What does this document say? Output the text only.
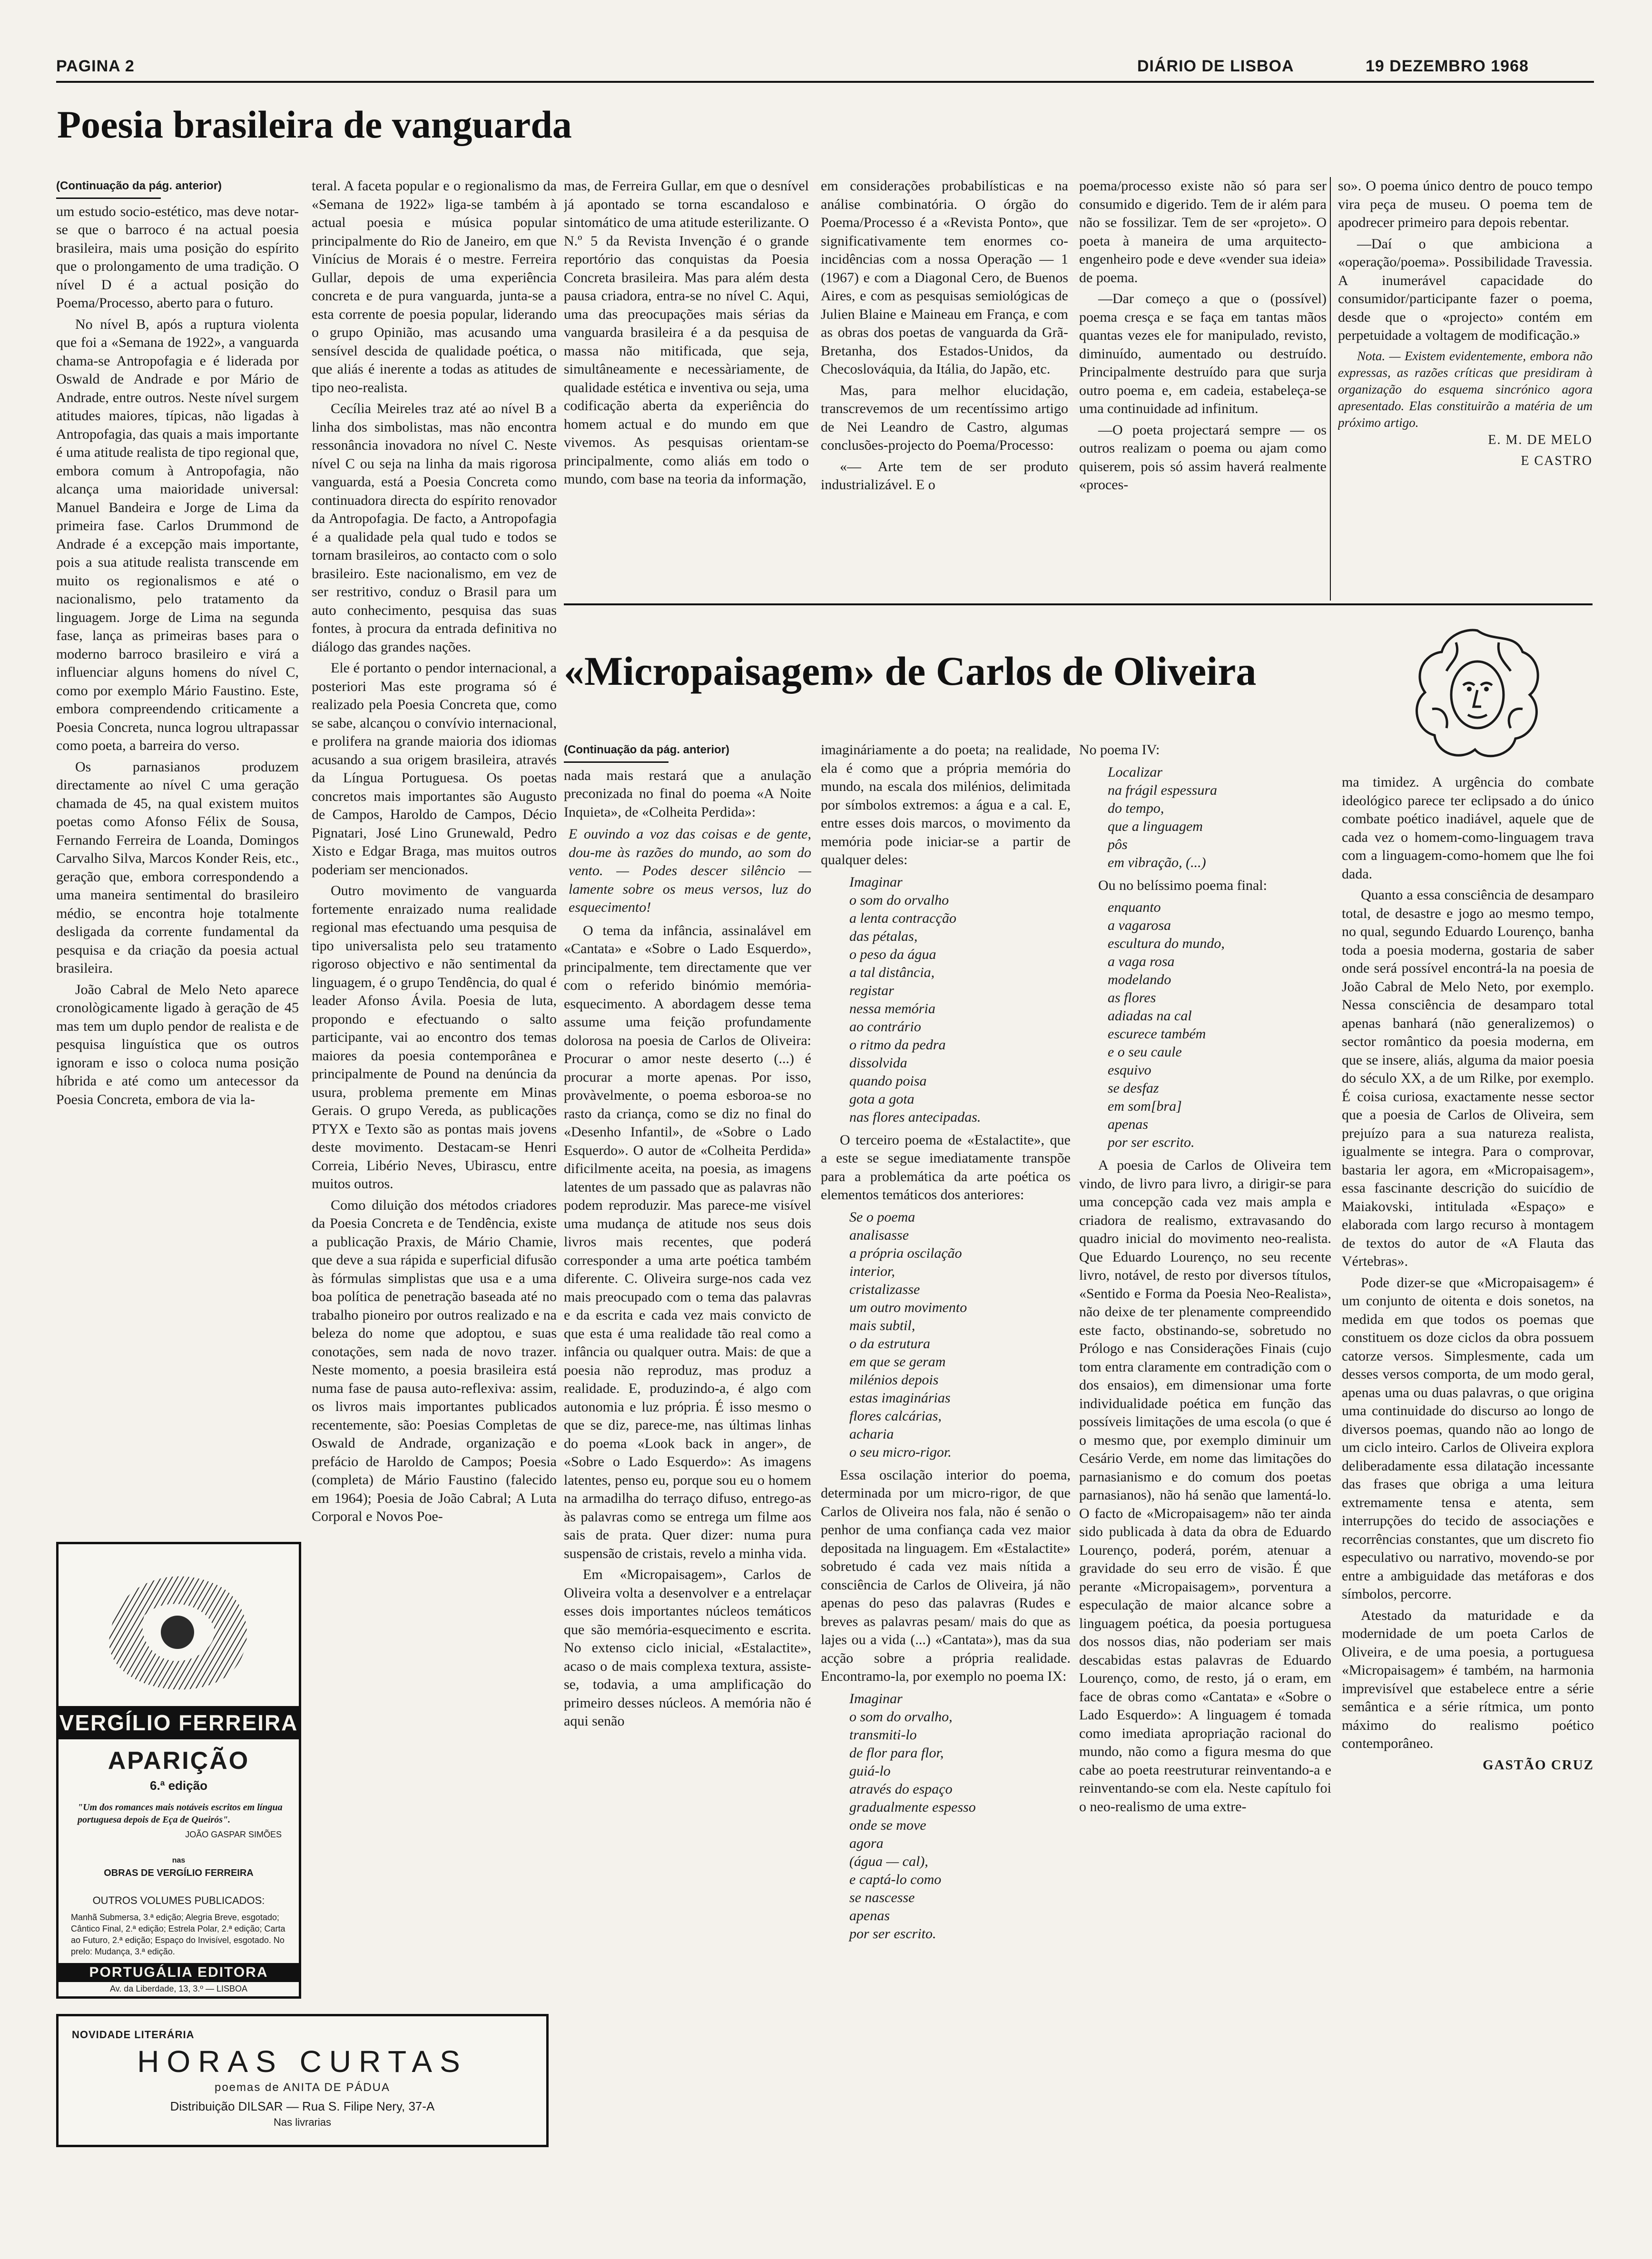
PAGINA 2	DIÁRIO DE LISBOA	19 DEZEMBRO 1968
Poesia brasileira de vanguarda
(Continuação da pág. anterior)

um estudo socio-estético, mas deve notar-se que o barroco é na actual poesia brasileira, mais uma posição do espírito que o prolongamento de uma tradição. O nível D é a actual posição do Poema/Processo, aberto para o futuro.

No nível B, após a ruptura violenta que foi a «Semana de 1922», a vanguarda chama-se Antropofagia e é liderada por Oswald de Andrade e por Mário de Andrade, entre outros. Neste nível surgem atitudes maiores, típicas, não ligadas à Antropofagia, das quais a mais importante é uma atitude realista de tipo regional que, embora comum à Antropofagia, não alcança uma maioridade universal: Manuel Bandeira e Jorge de Lima da primeira fase. Carlos Drummond de Andrade é a excepção mais importante, pois a sua atitude realista transcende em muito os regionalismos e até o nacionalismo, pelo tratamento da linguagem. Jorge de Lima na segunda fase, lança as primeiras bases para o moderno barroco brasileiro e virá a influenciar alguns homens do nível C, como por exemplo Mário Faustino. Este, embora compreendendo criticamente a Poesia Concreta, nunca logrou ultrapassar como poeta, a barreira do verso.

Os parnasianos produzem directamente ao nível C uma geração chamada de 45, na qual existem muitos poetas como Afonso Félix de Sousa, Fernando Ferreira de Loanda, Domingos Carvalho Silva, Marcos Konder Reis, etc., geração que, embora correspondendo a uma maneira sentimental do brasileiro médio, se encontra hoje totalmente desligada da corrente fundamental da pesquisa e da criação da poesia actual brasileira.

João Cabral de Melo Neto aparece cronològicamente ligado à geração de 45 mas tem um duplo pendor de realista e de pesquisa linguística que os outros ignoram e isso o coloca numa posição híbrida e até como um antecessor da Poesia Concreta, embora de via la-

teral. A faceta popular e o regionalismo da «Semana de 1922» liga-se também à actual poesia e música popular principalmente do Rio de Janeiro, em que Vinícius de Morais é o mestre. Ferreira Gullar, depois de uma experiência concreta e de pura vanguarda, junta-se a esta corrente de poesia popular, liderando o grupo Opinião, mas acusando uma sensível descida de qualidade poética, o que aliás é inerente a todas as atitudes de tipo neo-realista.

Cecília Meireles traz até ao nível B a linha dos simbolistas, mas não encontra ressonância inovadora no nível C. Neste nível C ou seja na linha da mais rigorosa vanguarda, está a Poesia Concreta como continuadora directa do espírito renovador da Antropofagia. De facto, a Antropofagia é a qualidade pela qual tudo e todos se tornam brasileiros, ao contacto com o solo brasileiro. Este nacionalismo, em vez de ser restritivo, conduz o Brasil para um auto conhecimento, pesquisa das suas fontes, à procura da entrada definitiva no diálogo das grandes nações.

Ele é portanto o pendor internacional, a posteriori Mas este programa só é realizado pela Poesia Concreta que, como se sabe, alcançou o convívio internacional, e prolifera na grande maioria dos idiomas acusando a sua origem brasileira, através da Língua Portuguesa. Os poetas concretos mais importantes são Augusto de Campos, Haroldo de Campos, Décio Pignatari, José Lino Grunewald, Pedro Xisto e Edgar Braga, mas muitos outros poderiam ser mencionados.

Outro movimento de vanguarda fortemente enraizado numa realidade regional mas efectuando uma pesquisa de tipo universalista pelo seu tratamento rigoroso objectivo e não sentimental da linguagem, é o grupo Tendência, do qual é leader Afonso Ávila. Poesia de luta, propondo e efectuando o salto participante, vai ao encontro dos temas maiores da poesia contemporânea e principalmente de Pound na denúncia da usura, problema premente em Minas Gerais. O grupo Vereda, as publicações PTYX e Texto são as pontas mais jovens deste movimento. Destacam-se Henri Correia, Libério Neves, Ubirascu, entre muitos outros.

Como diluição dos métodos criadores da Poesia Concreta e de Tendência, existe a publicação Praxis, de Mário Chamie, que deve a sua rápida e superficial difusão às fórmulas simplistas que usa e a uma boa política de penetração baseada até no trabalho pioneiro por outros realizado e na beleza do nome que adoptou, e suas conotações, sem nada de novo trazer. Neste momento, a poesia brasileira está numa fase de pausa auto-reflexiva: assim, os livros mais importantes publicados recentemente, são: Poesias Completas de Oswald de Andrade, organização e prefácio de Haroldo de Campos; Poesia (completa) de Mário Faustino (falecido em 1964); Poesia de João Cabral; A Luta Corporal e Novos Poe-

mas, de Ferreira Gullar, em que o desnível já apontado se torna escandaloso e sintomático de uma atitude esterilizante. O N.º 5 da Revista Invenção é o grande reportório das conquistas da Poesia Concreta brasileira. Mas para além desta pausa criadora, entra-se no nível C. Aqui, uma das preocupações mais sérias da vanguarda brasileira é a da pesquisa de massa não mitificada, que seja, simultâneamente e necessàriamente, de qualidade estética e inventiva ou seja, uma codificação aberta da experiência do homem actual e do mundo em que vivemos. As pesquisas orientam-se principalmente, como aliás em todo o mundo, com base na teoria da informação,

em considerações probabilísticas e na análise combinatória. O órgão do Poema/Processo é a «Revista Ponto», que significativamente tem enormes co-incidências com a nossa Operação — 1 (1967) e com a Diagonal Cero, de Buenos Aires, e com as pesquisas semiológicas de Julien Blaine e Maineau em França, e com as obras dos poetas de vanguarda da Grã-Bretanha, dos Estados-Unidos, da Checoslováquia, da Itália, do Japão, etc.

Mas, para melhor elucidação, transcrevemos de um recentíssimo artigo de Nei Leandro de Castro, algumas conclusões-projecto do Poema/Processo:

«— Arte tem de ser produto industrializável. E o

poema/processo existe não só para ser consumido e digerido. Tem de ir além para não se fossilizar. Tem de ser «projeto». O poeta à maneira de uma arquitecto-engenheiro pode e deve «vender sua ideia» de poema.

—Dar começo a que o (possível) poema cresça e se faça em tantas mãos quantas vezes ele for manipulado, revisto, diminuído, aumentado ou destruído. Principalmente destruído para que surja outro poema e, em cadeia, estabeleça-se uma continuidade ad infinitum.

—O poeta projectará sempre — os outros realizam o poema ou ajam como quiserem, pois só assim haverá realmente «proces-

so». O poema único dentro de pouco tempo vira peça de museu. O poema tem de apodrecer primeiro para depois rebentar.

—Daí o que ambiciona a «operação/poema». Possibilidade Travessia. A inumerável capacidade do consumidor/participante fazer o poema, desde que o «projecto» contém em perpetuidade a voltagem de modificação.»

Nota. — Existem evidentemente, embora não expressas, as razões críticas que presidiram à organização do esquema sincrónico agora apresentado. Elas constituirão a matéria de um próximo artigo.

E. M. DE MELO

E CASTRO

«Micropaisagem» de Carlos de Oliveira
(Continuação da pág. anterior)

nada mais restará que a anulação preconizada no final do poema «A Noite Inquieta», de «Colheita Perdida»:

E ouvindo a voz das coisas e de gente, dou-me às razões do mundo, ao som do vento. — Podes descer silêncio — lamente sobre os meus versos, luz do esquecimento!

O tema da infância, assinalável em «Cantata» e «Sobre o Lado Esquerdo», principalmente, tem directamente que ver com o referido binómio memória-esquecimento. A abordagem desse tema assume uma feição profundamente dolorosa na poesia de Carlos de Oliveira: Procurar o amor neste deserto (...) é procurar a morte apenas. Por isso, provàvelmente, o poema esboroa-se no rasto da criança, como se diz no final do «Desenho Infantil», de «Sobre o Lado Esquerdo». O autor de «Colheita Perdida» dificilmente aceita, na poesia, as imagens latentes de um passado que as palavras não podem reproduzir. Mas parece-me visível uma mudança de atitude nos seus dois livros mais recentes, que poderá corresponder a uma arte poética também diferente. C. Oliveira surge-nos cada vez mais preocupado com o tema das palavras e da escrita e cada vez mais convicto de que esta é uma realidade tão real como a infância ou qualquer outra. Mais: de que a poesia não reproduz, mas produz a realidade. E, produzindo-a, é algo com autonomia e luz própria. É isso mesmo o que se diz, parece-me, nas últimas linhas do poema «Look back in anger», de «Sobre o Lado Esquerdo»: As imagens latentes, penso eu, porque sou eu o homem na armadilha do terraço difuso, entrego-as às palavras como se entrega um filme aos sais de prata. Quer dizer: numa pura suspensão de cristais, revelo a minha vida.

Em «Micropaisagem», Carlos de Oliveira volta a desenvolver e a entrelaçar esses dois importantes núcleos temáticos que são memória-esquecimento e escrita. No extenso ciclo inicial, «Estalactite», acaso o de mais complexa textura, assiste-se, todavia, a uma amplificação do primeiro desses núcleos. A memória não é aqui senão

imagináriamente a do poeta; na realidade, ela é como que a própria memória do mundo, na escala dos milénios, delimitada por símbolos extremos: a água e a cal. E, entre esses dois marcos, o movimento da memória pode iniciar-se a partir de qualquer deles:

Imaginar
o som do orvalho
a lenta contracção
das pétalas,
o peso da água
a tal distância,
registar
nessa memória
ao contrário
o ritmo da pedra
dissolvida
quando poisa
gota a gota
nas flores antecipadas.

O terceiro poema de «Estalactite», que a este se segue imediatamente transpõe para a problemática da arte poética os elementos temáticos dos anteriores:

Se o poema
analisasse
a própria oscilação
interior,
cristalizasse
um outro movimento
mais subtil,
o da estrutura
em que se geram
milénios depois
estas imaginárias
flores calcárias,
acharia
o seu micro-rigor.

Essa oscilação interior do poema, determinada por um micro-rigor, de que Carlos de Oliveira nos fala, não é senão o penhor de uma confiança cada vez maior depositada na linguagem. Em «Estalactite» sobretudo é cada vez mais nítida a consciência de Carlos de Oliveira, já não apenas do peso das palavras (Rudes e breves as palavras pesam/ mais do que as lajes ou a vida (...) «Cantata»), mas da sua acção sobre a própria realidade. Encontramo-la, por exemplo no poema IX:

Imaginar
o som do orvalho,
transmiti-lo
de flor para flor,
guiá-lo
através do espaço
gradualmente espesso
onde se move
agora
(água — cal),
e captá-lo como
se nascesse
apenas
por ser escrito.

No poema IV:

Localizar
na frágil espessura
do tempo,
que a linguagem
pôs
em vibração, (...)

Ou no belíssimo poema final:

enquanto
a vagarosa
escultura do mundo,
a vaga rosa
modelando
as flores
adiadas na cal
escurece também
e o seu caule
esquivo
se desfaz
em som[bra]
apenas
por ser escrito.

A poesia de Carlos de Oliveira tem vindo, de livro para livro, a dirigir-se para uma concepção cada vez mais ampla e criadora de realismo, extravasando do quadro inicial do movimento neo-realista. Que Eduardo Lourenço, no seu recente livro, notável, de resto por diversos títulos, «Sentido e Forma da Poesia Neo-Realista», não deixe de ter plenamente compreendido este facto, obstinando-se, sobretudo no Prólogo e nas Considerações Finais (cujo tom entra claramente em contradição com o dos ensaios), em dimensionar uma forte individualidade poética em função das possíveis limitações de uma escola (o que é o mesmo que, por exemplo diminuir um Cesário Verde, em nome das limitações do parnasianismo e do comum dos poetas parnasianos), não há senão que lamentá-lo. O facto de «Micropaisagem» não ter ainda sido publicada à data da obra de Eduardo Lourenço, poderá, porém, atenuar a gravidade do seu erro de visão. É que perante «Micropaisagem», porventura a especulação de maior alcance sobre a linguagem poética, da poesia portuguesa dos nossos dias, não poderiam ser mais descabidas estas palavras de Eduardo Lourenço, como, de resto, já o eram, em face de obras como «Cantata» e «Sobre o Lado Esquerdo»: A linguagem é tomada como imediata apropriação racional do mundo, não como a figura mesma do que cabe ao poeta reestruturar reinventando-a e reinventando-se com ela. Neste capítulo foi o neo-realismo de uma extre-

ma timidez. A urgência do combate ideológico parece ter eclipsado a do único combate poético inadiável, aquele que de cada vez o homem-como-linguagem trava com a linguagem-como-homem que lhe foi dada.

Quanto a essa consciência de desamparo total, de desastre e jogo ao mesmo tempo, no qual, segundo Eduardo Lourenço, banha toda a poesia moderna, gostaria de saber onde será possível encontrá-la na poesia de João Cabral de Melo Neto, por exemplo. Nessa consciência de desamparo total apenas banhará (não generalizemos) o sector romântico da poesia moderna, em que se insere, aliás, alguma da maior poesia do século XX, a de um Rilke, por exemplo. É coisa curiosa, exactamente nesse sector que a poesia de Carlos de Oliveira, sem prejuízo para a sua natureza realista, igualmente se integra. Para o comprovar, bastaria ler agora, em «Micropaisagem», essa fascinante descrição do suicídio de Maiakovski, intitulada «Espaço» e elaborada com largo recurso à montagem de textos do autor de «A Flauta das Vértebras».

Pode dizer-se que «Micropaisagem» é um conjunto de oitenta e dois sonetos, na medida em que todos os poemas que constituem os doze ciclos da obra possuem catorze versos. Simplesmente, cada um desses versos comporta, de um modo geral, apenas uma ou duas palavras, o que origina uma continuidade do discurso ao longo de diversos poemas, quando não ao longo de um ciclo inteiro. Carlos de Oliveira explora deliberadamente essa dilatação incessante das frases que obriga a uma leitura extremamente tensa e atenta, sem interrupções do tecido de associações e recorrências constantes, que um discreto fio especulativo ou narrativo, movendo-se por entre a ambiguidade das metáforas e dos símbolos, percorre.

Atestado da maturidade e da modernidade de um poeta Carlos de Oliveira, e de uma poesia, a portuguesa «Micropaisagem» é também, na harmonia imprevisível que estabelece entre a série semântica e a série rítmica, um ponto máximo do realismo poético contemporâneo.

GASTÃO CRUZ

VERGÍLIO FERREIRA
APARIÇÃO
6.ª edição
"Um dos romances mais notáveis escritos em língua portuguesa depois de Eça de Queirós".
JOÃO GASPAR SIMÕES
nas
OBRAS DE VERGÍLIO FERREIRA
OUTROS VOLUMES PUBLICADOS:
Manhã Submersa, 3.ª edição; Alegria Breve, esgotado; Cântico Final, 2.ª edição; Estrela Polar, 2.ª edição; Carta ao Futuro, 2.ª edição; Espaço do Invisível, esgotado. No prelo: Mudança, 3.ª edição.
PORTUGÁLIA EDITORA
Av. da Liberdade, 13, 3.º — LISBOA
NOVIDADE LITERÁRIA
HORAS CURTAS
poemas de ANITA DE PÁDUA
Distribuição DILSAR — Rua S. Filipe Nery, 37-A
Nas livrarias
